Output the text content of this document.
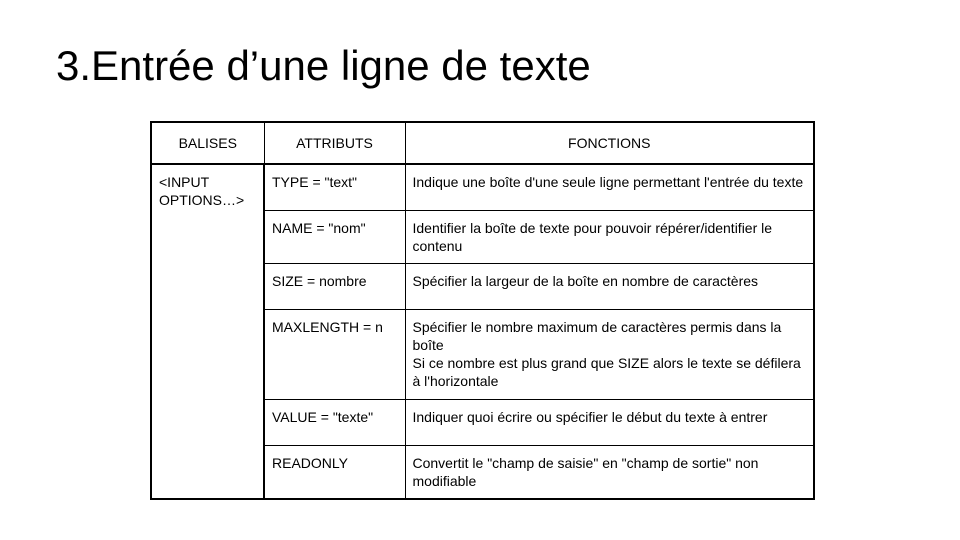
3.Entrée d’une ligne de texte
BALISES	ATTRIBUTS	FONCTIONS

<INPUT
OPTIONS…>	TYPE = "text"	Indique une boîte d'une seule ligne permettant l'entrée du texte

	NAME = "nom"	Identifier la boîte de texte pour pouvoir répérer/identifier le contenu

	SIZE = nombre	Spécifier la largeur de la boîte en nombre de caractères

	MAXLENGTH = n	Spécifier le nombre maximum de caractères permis dans la boîte
Si ce nombre est plus grand que SIZE alors le texte se défilera à l'horizontale

	VALUE = "texte"	Indiquer quoi écrire ou spécifier le début du texte à entrer

	READONLY	Convertit le "champ de saisie" en "champ de sortie" non modifiable
